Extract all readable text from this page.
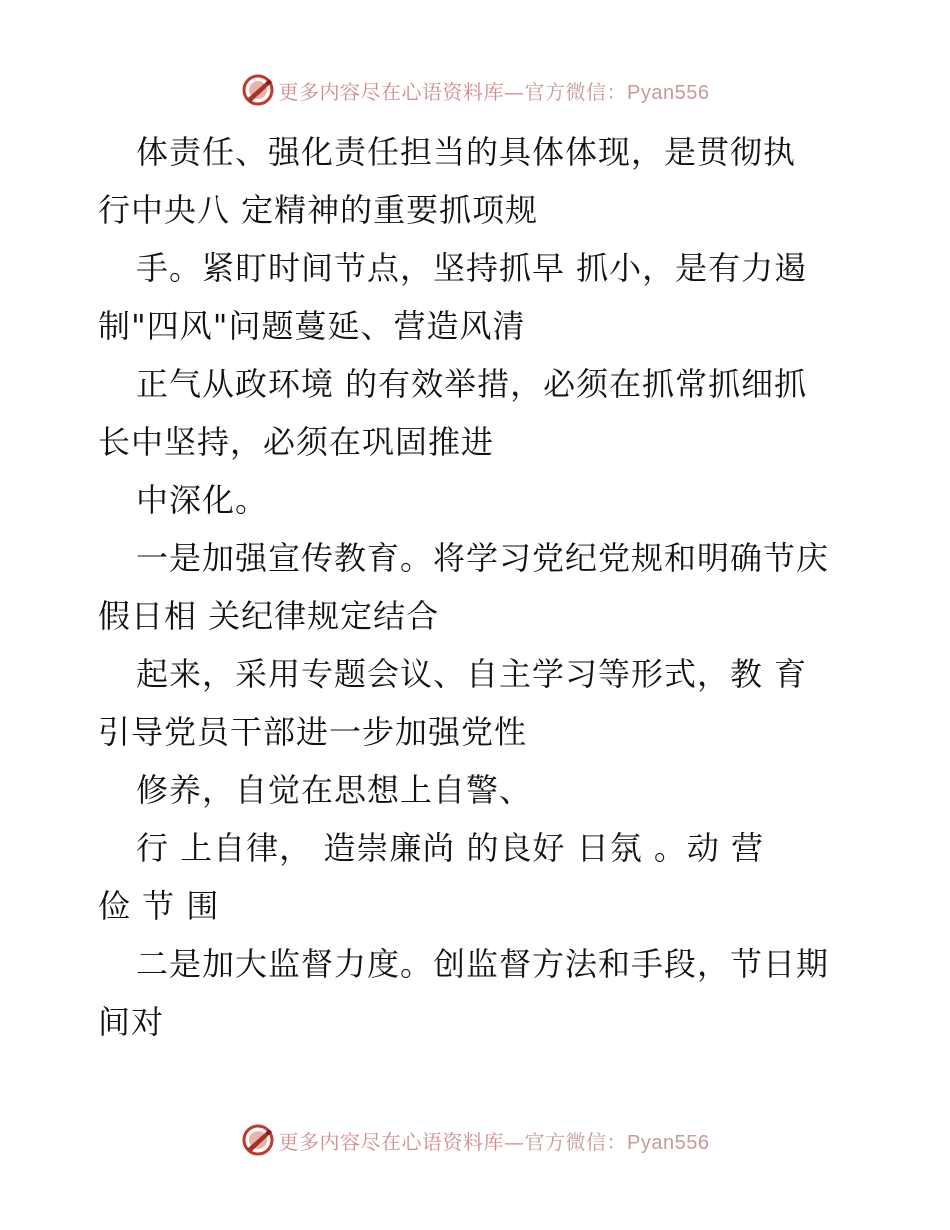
更多内容尽在心语资料库—官方微信：Pyan556
体责任、强化责任担当的具体体现，是贯彻执
行中央八 定精神的重要抓项规
手。紧盯时间节点，坚持抓早 抓小，是有力遏
制"四风"问题蔓延、营造风清
正气从政环境 的有效举措，必须在抓常抓细抓
长中坚持，必须在巩固推进
中深化。
一是加强宣传教育。将学习党纪党规和明确节庆
假日相 关纪律规定结合
起来，采用专题会议、自主学习等形式，教 育
引导党员干部进一步加强党性
修养，自觉在思想上自警、
行 上自律， 造崇廉尚 的良好 日氛 。动 营
俭 节 围
二是加大监督力度。创监督方法和手段，节日期
间对
更多内容尽在心语资料库—官方微信：Pyan556
